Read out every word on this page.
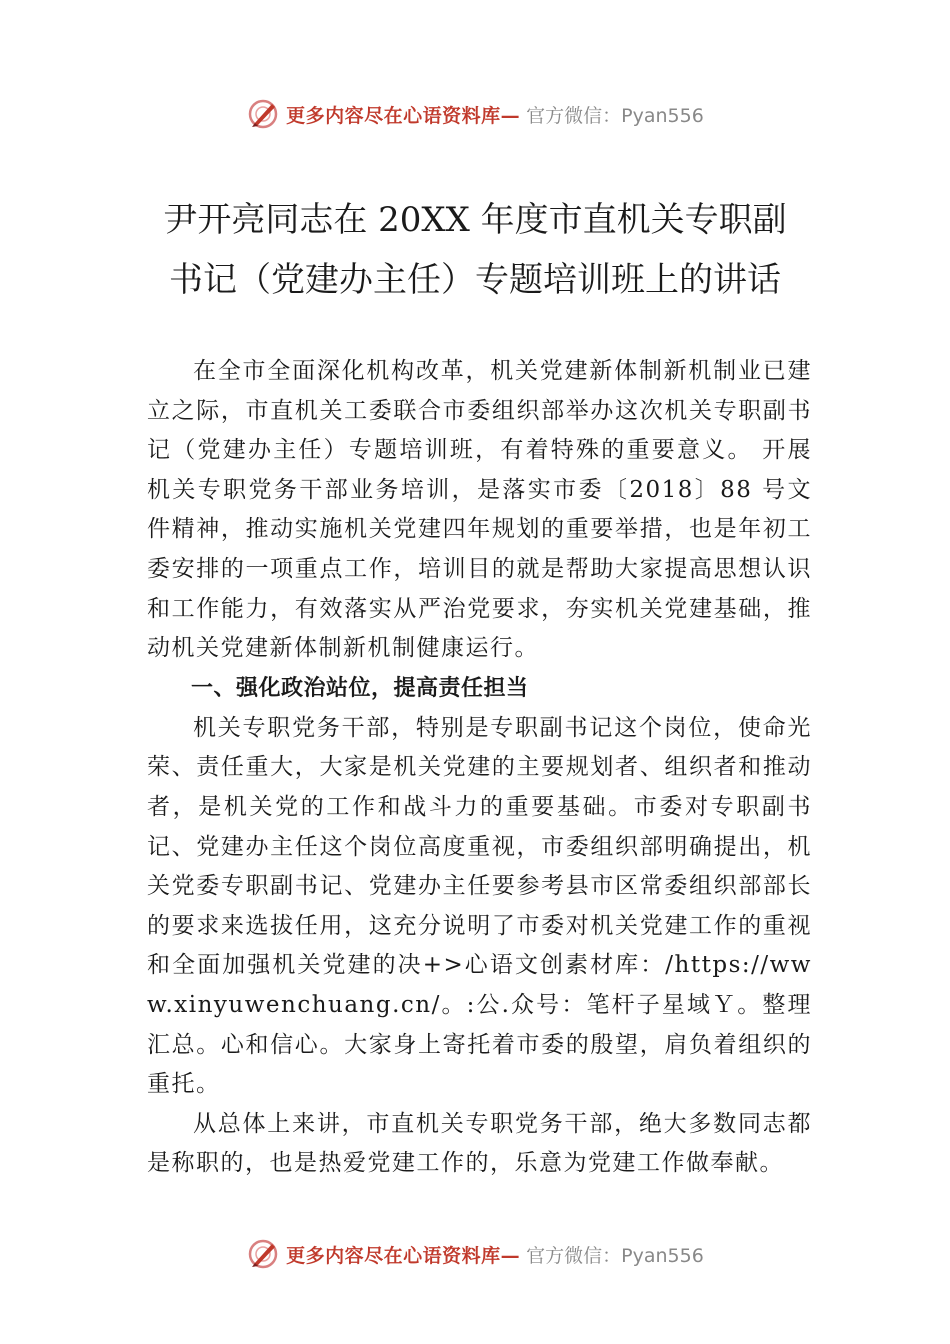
更多内容尽在心语资料库— 官方微信：Pyan556
尹开亮同志在 20XX 年度市直机关专职副
书记（党建办主任）专题培训班上的讲话

在全市全面深化机构改革，机关党建新体制新机制业已建立之际，市直机关工委联合市委组织部举办这次机关专职副书记（党建办主任）专题培训班，有着特殊的重要意义。 开展机关专职党务干部业务培训，是落实市委〔2018〕88 号文件精神，推动实施机关党建四年规划的重要举措，也是年初工委安排的一项重点工作，培训目的就是帮助大家提高思想认识和工作能力，有效落实从严治党要求，夯实机关党建基础，推动机关党建新体制新机制健康运行。

一、强化政治站位，提高责任担当

机关专职党务干部，特别是专职副书记这个岗位，使命光荣、责任重大，大家是机关党建的主要规划者、组织者和推动者，是机关党的工作和战斗力的重要基础。市委对专职副书记、党建办主任这个岗位高度重视，市委组织部明确提出，机关党委专职副书记、党建办主任要参考县市区常委组织部部长的要求来选拔任用，这充分说明了市委对机关党建工作的重视和全面加强机关党建的决+>心语文创素材库：/https://www.xinyuwenchuang.cn/。:公.众号：笔杆子星域Ｙ。整理汇总。心和信心。大家身上寄托着市委的殷望，肩负着组织的重托。

从总体上来讲，市直机关专职党务干部，绝大多数同志都是称职的，也是热爱党建工作的，乐意为党建工作做奉献。

更多内容尽在心语资料库— 官方微信：Pyan556
